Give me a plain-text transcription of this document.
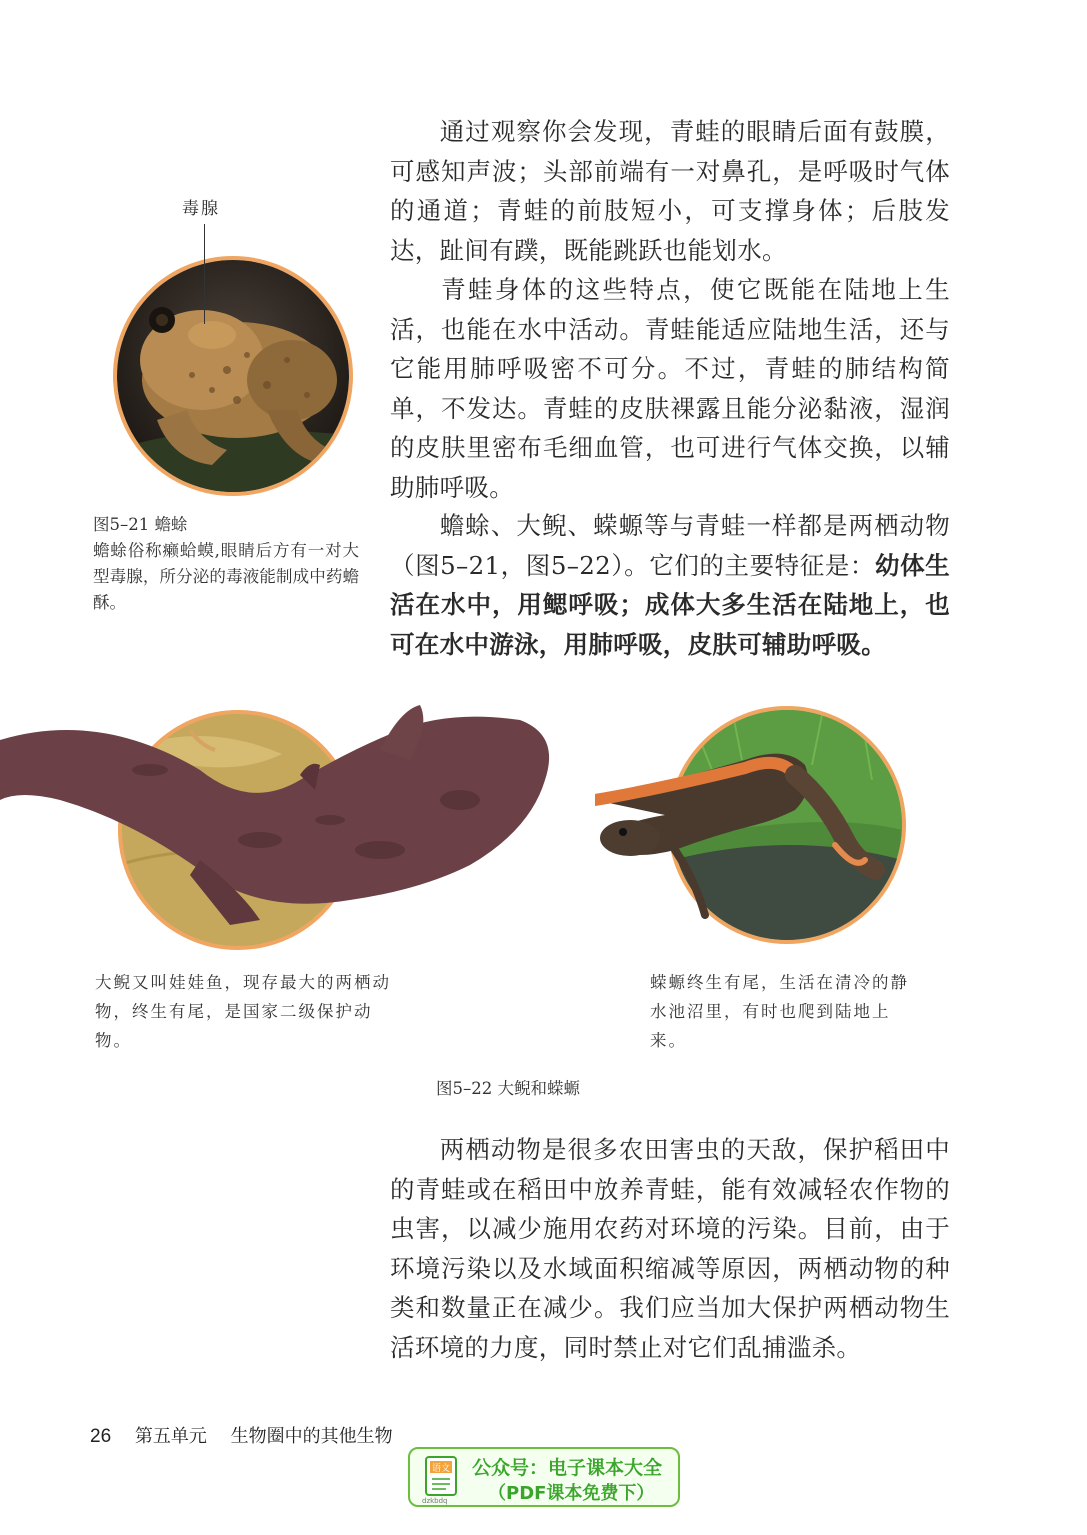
通过观察你会发现，青蛙的眼睛后面有鼓膜，可感知声波；头部前端有一对鼻孔，是呼吸时气体的通道；青蛙的前肢短小，可支撑身体；后肢发达，趾间有蹼，既能跳跃也能划水。

青蛙身体的这些特点，使它既能在陆地上生活，也能在水中活动。青蛙能适应陆地生活，还与它能用肺呼吸密不可分。不过，青蛙的肺结构简单，不发达。青蛙的皮肤裸露且能分泌黏液，湿润的皮肤里密布毛细血管，也可进行气体交换，以辅助肺呼吸。

蟾蜍、大鲵、蝾螈等与青蛙一样都是两栖动物（图5–21，图5–22）。它们的主要特征是：幼体生活在水中，用鳃呼吸；成体大多生活在陆地上，也可在水中游泳，用肺呼吸，皮肤可辅助呼吸。

毒腺

图5–21 蟾蜍

蟾蜍俗称癞蛤蟆,眼睛后方有一对大型毒腺，所分泌的毒液能制成中药蟾酥。

大鲵又叫娃娃鱼，现存最大的两栖动物，终生有尾，是国家二级保护动物。

蝾螈终生有尾，生活在清冷的静水池沼里，有时也爬到陆地上来。

图5–22 大鲵和蝾螈

两栖动物是很多农田害虫的天敌，保护稻田中的青蛙或在稻田中放养青蛙，能有效减轻农作物的虫害，以减少施用农药对环境的污染。目前，由于环境污染以及水域面积缩减等原因，两栖动物的种类和数量正在减少。我们应当加大保护两栖动物生活环境的力度，同时禁止对它们乱捕滥杀。

26 第五单元 生物圈中的其他生物
语文 公众号：电子课本大全
（PDF课本免费下）
dzkbdq
